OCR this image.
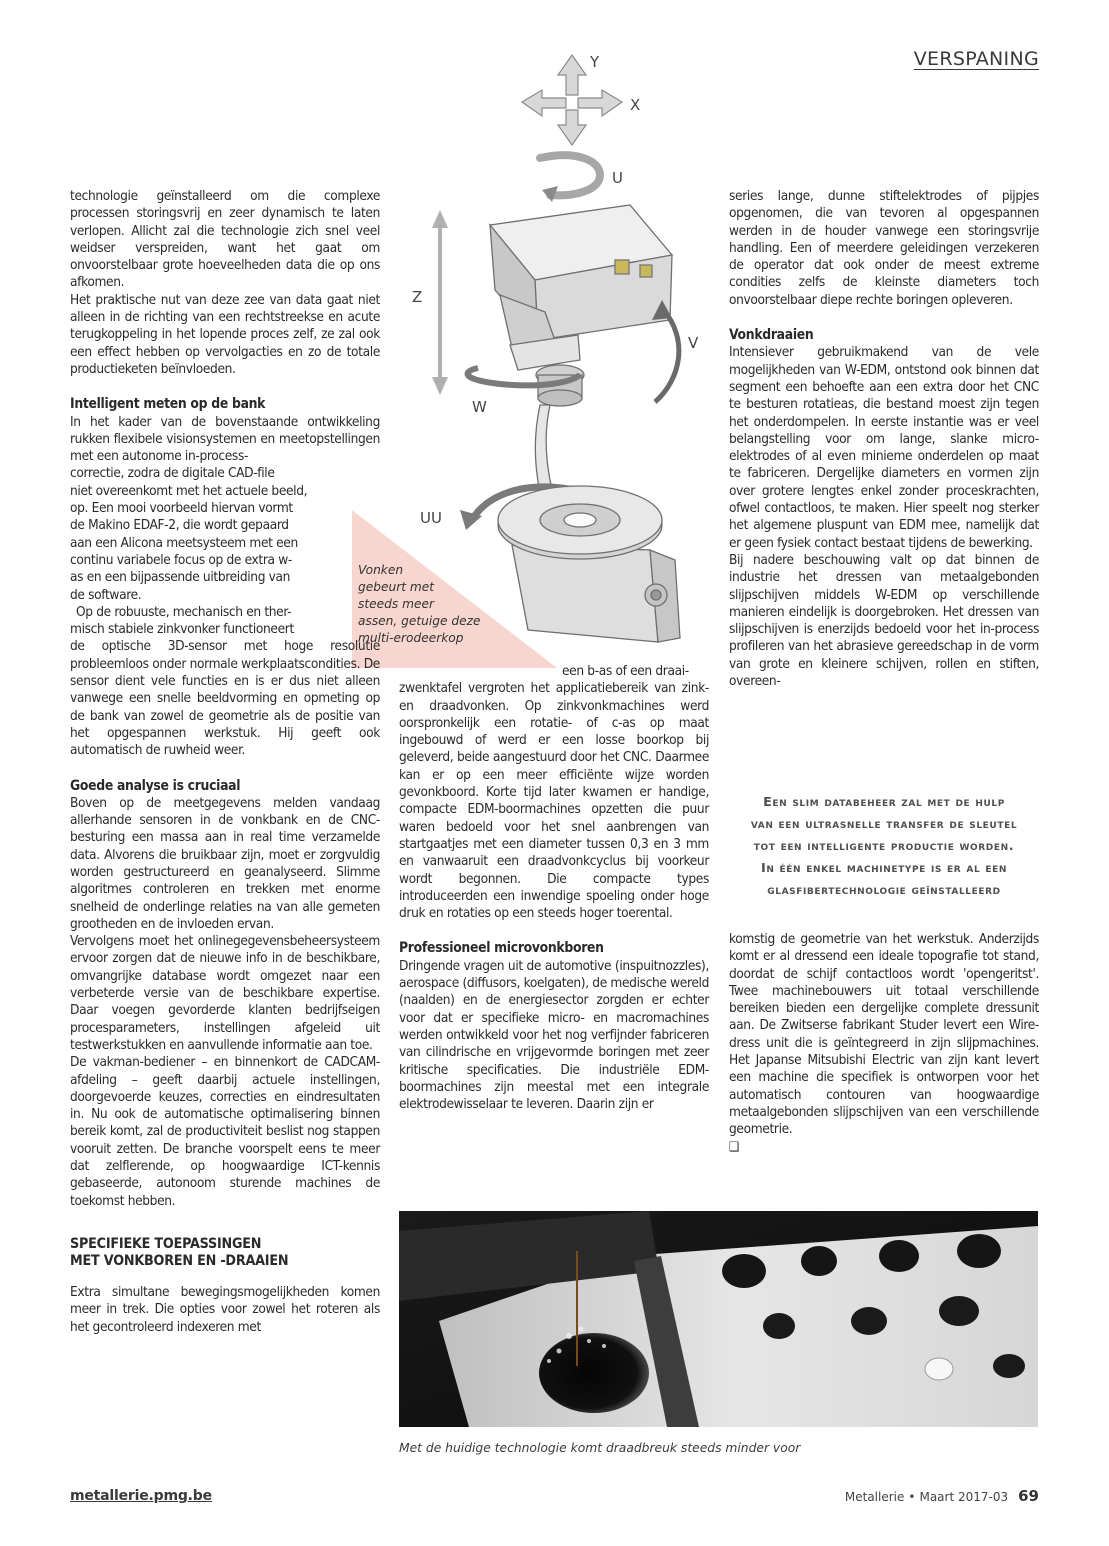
VERSPANING
Y
X
U
Z
V
W
UU
Vonken
gebeurt met
steeds meer
assen, getuige deze
multi-erodeerkop

technologie geïnstalleerd om die complexe processen storingsvrij en zeer dynamisch te laten verlopen. Allicht zal die technologie zich snel veel weidser verspreiden, want het gaat om onvoorstelbaar grote hoeveelheden data die op ons afkomen.

Het praktische nut van deze zee van data gaat niet alleen in de richting van een rechtstreekse en acute terugkoppeling in het lopende proces zelf, ze zal ook een effect hebben op vervolgacties en zo de totale productieketen beïnvloeden.

Intelligent meten op de bank

In het kader van de bovenstaande ontwikkeling rukken flexibele visionsystemen en meetopstellingen met een autonome in-process-

correctie, zodra de digitale CAD-file
niet overeenkomt met het actuele beeld,
op. Een mooi voorbeeld hiervan vormt
de Makino EDAF-2, die wordt gepaard
aan een Alicona meetsysteem met een
continu variabele focus op de extra w-
as en een bijpassende uitbreiding van
de software.
Op de robuuste, mechanisch en ther-
misch stabiele zinkvonker functioneert

de optische 3D-sensor met hoge resolutie probleemloos onder normale werkplaatscondities. De sensor dient vele functies en is er dus niet alleen vanwege een snelle beeldvorming en opmeting op de bank van zowel de geometrie als de positie van het opgespannen werkstuk. Hij geeft ook automatisch de ruwheid weer.

Goede analyse is cruciaal

Boven op de meetgegevens melden vandaag allerhande sensoren in de vonkbank en de CNC-besturing een massa aan in real time verzamelde data. Alvorens die bruikbaar zijn, moet er zorgvuldig worden gestructureerd en geanalyseerd. Slimme algoritmes controleren en trekken met enorme snelheid de onderlinge relaties na van alle gemeten grootheden en de invloeden ervan.

Vervolgens moet het onlinegegevensbeheersysteem ervoor zorgen dat de nieuwe info in de beschikbare, omvangrijke database wordt omgezet naar een verbeterde versie van de beschikbare expertise. Daar voegen gevorderde klanten bedrijfseigen procesparameters, instellingen afgeleid uit testwerkstukken en aanvullende informatie aan toe.

De vakman-bediener – en binnenkort de CADCAM-afdeling – geeft daarbij actuele instellingen, doorgevoerde keuzes, correcties en eindresultaten in. Nu ook de automatische optimalisering binnen bereik komt, zal de productiviteit beslist nog stappen vooruit zetten. De branche voorspelt eens te meer dat zelflerende, op hoogwaardige ICT-kennis gebaseerde, autonoom sturende machines de toekomst hebben.

SPECIFIEKE TOEPASSINGEN
MET VONKBOREN EN -DRAAIEN

Extra simultane bewegingsmogelijkheden komen meer in trek. Die opties voor zowel het roteren als het gecontroleerd indexeren met

een b-as of een draai-

zwenktafel vergroten het applicatiebereik van zink- en draadvonken. Op zinkvonkmachines werd oorspronkelijk een rotatie- of c-as op maat ingebouwd of werd er een losse boorkop bij geleverd, beide aangestuurd door het CNC. Daarmee kan er op een meer efficiënte wijze worden gevonkboord. Korte tijd later kwamen er handige, compacte EDM-boormachines opzetten die puur waren bedoeld voor het snel aanbrengen van startgaatjes met een diameter tussen 0,3 en 3 mm en vanwaaruit een draadvonkcyclus bij voorkeur wordt begonnen. Die compacte types introduceerden een inwendige spoeling onder hoge druk en rotaties op een steeds hoger toerental.

Professioneel microvonkboren

Dringende vragen uit de automotive (inspuitnozzles), aerospace (diffusors, koelgaten), de medische wereld (naalden) en de energiesector zorgden er echter voor dat er specifieke micro- en macromachines werden ontwikkeld voor het nog verfijnder fabriceren van cilindrische en vrijgevormde boringen met zeer kritische specificaties. Die industriële EDM-boormachines zijn meestal met een integrale elektrodewisselaar te leveren. Daarin zijn er

series lange, dunne stiftelektrodes of pijpjes opgenomen, die van tevoren al opgespannen werden in de houder vanwege een storingsvrije handling. Een of meerdere geleidingen verzekeren de operator dat ook onder de meest extreme condities zelfs de kleinste diameters toch onvoorstelbaar diepe rechte boringen opleveren.

Vonkdraaien

Intensiever gebruikmakend van de vele mogelijkheden van W-EDM, ontstond ook binnen dat segment een behoefte aan een extra door het CNC te besturen rotatieas, die bestand moest zijn tegen het onderdompelen. In eerste instantie was er veel belangstelling voor om lange, slanke micro-elektrodes of al even minieme onderdelen op maat te fabriceren. Dergelijke diameters en vormen zijn over grotere lengtes enkel zonder proceskrachten, ofwel contactloos, te maken. Hier speelt nog sterker het algemene pluspunt van EDM mee, namelijk dat er geen fysiek contact bestaat tijdens de bewerking.

Bij nadere beschouwing valt op dat binnen de industrie het dressen van metaalgebonden slijpschijven middels W-EDM op verschillende manieren eindelijk is doorgebroken. Het dressen van slijpschijven is enerzijds bedoeld voor het in-process profileren van het abrasieve gereedschap in de vorm van grote en kleinere schijven, rollen en stiften, overeen-

Een slim databeheer zal met de hulp
van een ultrasnelle transfer de sleutel
tot een intelligente productie worden.
In één enkel machinetype is er al een
glasfibertechnologie geïnstalleerd

komstig de geometrie van het werkstuk. Anderzijds komt er al dressend een ideale topografie tot stand, doordat de schijf contactloos wordt 'opengeritst'. Twee machinebouwers uit totaal verschillende bereiken bieden een dergelijke complete dressunit aan. De Zwitserse fabrikant Studer levert een Wire-dress unit die is geïntegreerd in zijn slijpmachines. Het Japanse Mitsubishi Electric van zijn kant levert een machine die specifiek is ontworpen voor het automatisch contouren van hoogwaardige metaalgebonden slijpschijven van een verschillende geometrie.

❑
Met de huidige technologie komt draadbreuk steeds minder voor
metallerie.pmg.be	Metallerie • Maart 2017-03 69
